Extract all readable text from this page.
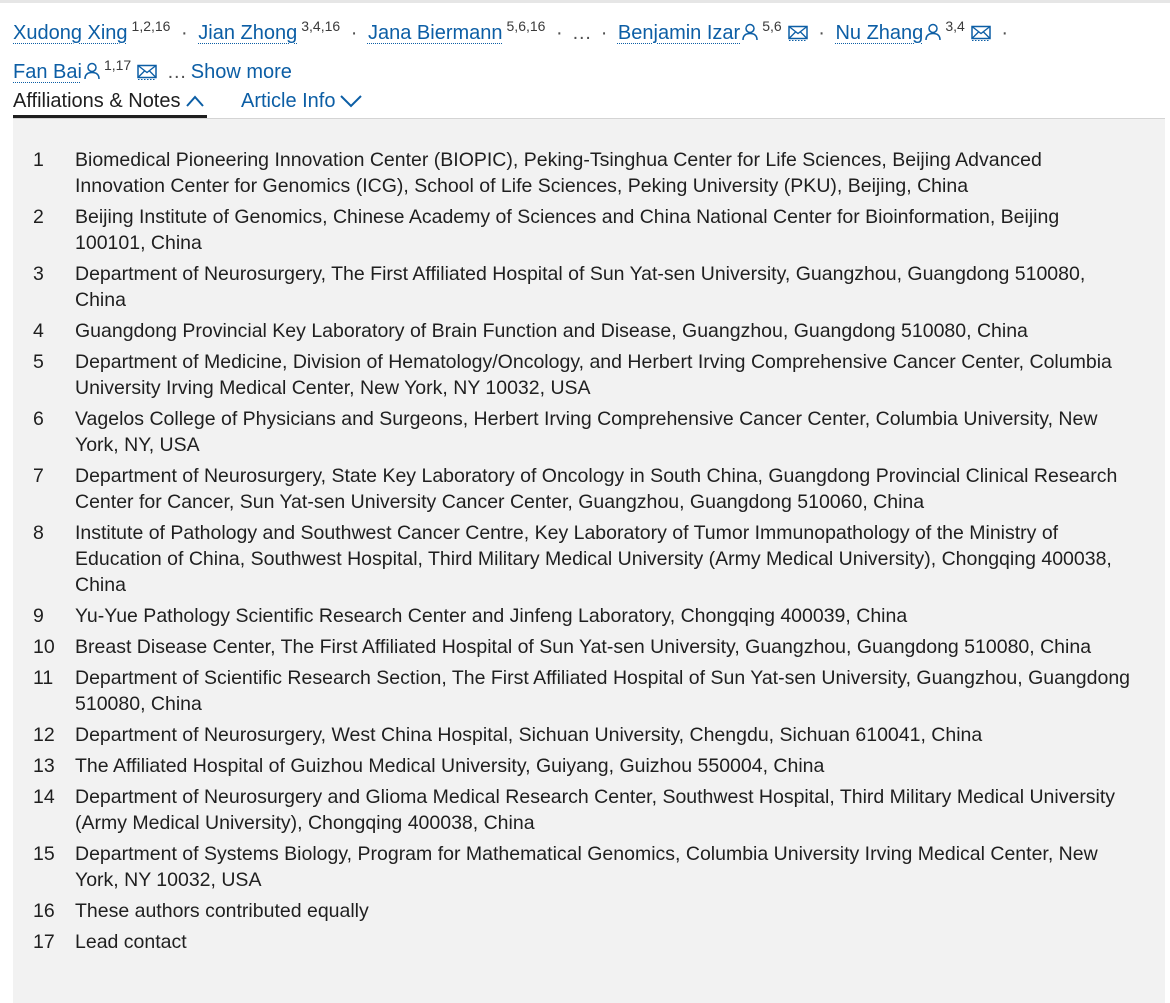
Xudong Xing $^{1,2,16}$ · Jian Zhong $^{3,4,16}$ · Jana Biermann $^{5,6,16}$ · … · Benjamin Izar $^{5,6}$ · Nu Zhang $^{3,4}$ ·
Fan Bai $^{1,17}$ … Show more
Affiliations & Notes	Article Info
1	Biomedical Pioneering Innovation Center (BIOPIC), Peking-Tsinghua Center for Life Sciences, Beijing Advanced Innovation Center for Genomics (ICG), School of Life Sciences, Peking University (PKU), Beijing, China
2	Beijing Institute of Genomics, Chinese Academy of Sciences and China National Center for Bioinformation, Beijing 100101, China
3	Department of Neurosurgery, The First Affiliated Hospital of Sun Yat-sen University, Guangzhou, Guangdong 510080, China
4	Guangdong Provincial Key Laboratory of Brain Function and Disease, Guangzhou, Guangdong 510080, China
5	Department of Medicine, Division of Hematology/Oncology, and Herbert Irving Comprehensive Cancer Center, Columbia University Irving Medical Center, New York, NY 10032, USA
6	Vagelos College of Physicians and Surgeons, Herbert Irving Comprehensive Cancer Center, Columbia University, New York, NY, USA
7	Department of Neurosurgery, State Key Laboratory of Oncology in South China, Guangdong Provincial Clinical Research Center for Cancer, Sun Yat-sen University Cancer Center, Guangzhou, Guangdong 510060, China
8	Institute of Pathology and Southwest Cancer Centre, Key Laboratory of Tumor Immunopathology of the Ministry of Education of China, Southwest Hospital, Third Military Medical University (Army Medical University), Chongqing 400038, China
9	Yu-Yue Pathology Scientific Research Center and Jinfeng Laboratory, Chongqing 400039, China
10	Breast Disease Center, The First Affiliated Hospital of Sun Yat-sen University, Guangzhou, Guangdong 510080, China
11	Department of Scientific Research Section, The First Affiliated Hospital of Sun Yat-sen University, Guangzhou, Guangdong 510080, China
12	Department of Neurosurgery, West China Hospital, Sichuan University, Chengdu, Sichuan 610041, China
13	The Affiliated Hospital of Guizhou Medical University, Guiyang, Guizhou 550004, China
14	Department of Neurosurgery and Glioma Medical Research Center, Southwest Hospital, Third Military Medical University (Army Medical University), Chongqing 400038, China
15	Department of Systems Biology, Program for Mathematical Genomics, Columbia University Irving Medical Center, New York, NY 10032, USA
16	These authors contributed equally
17	Lead contact
